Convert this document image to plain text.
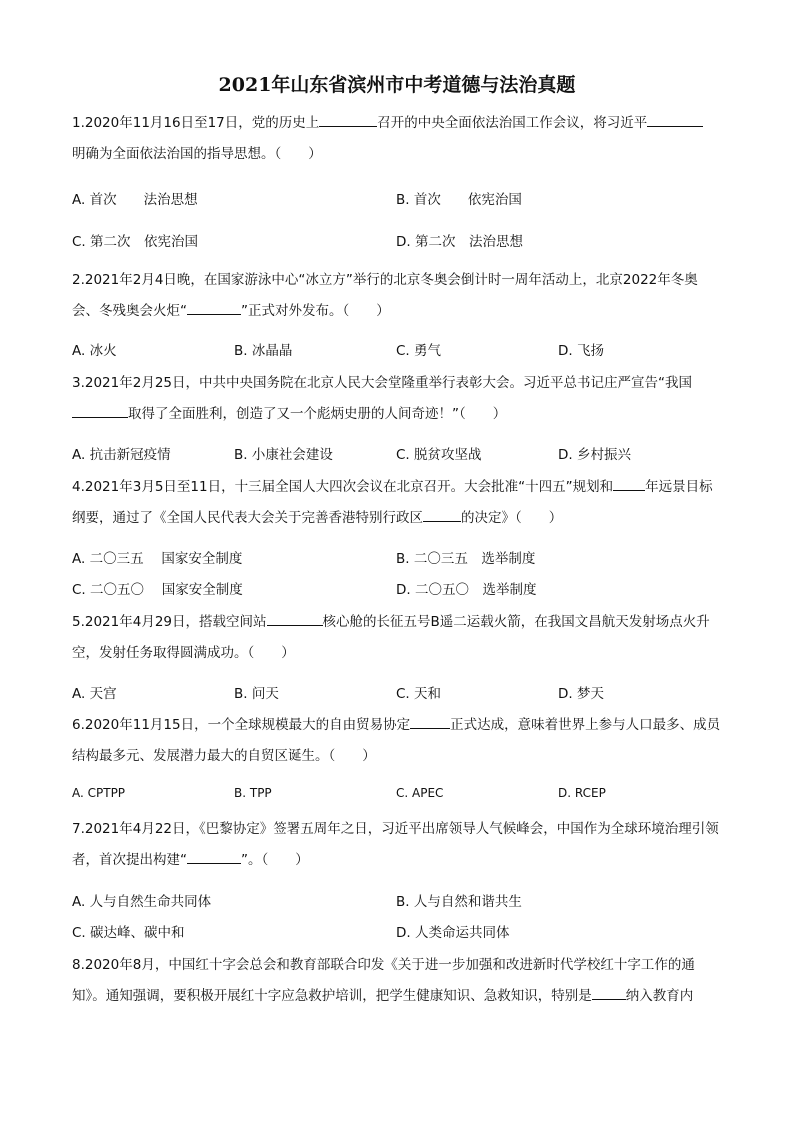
2021年山东省滨州市中考道德与法治真题

1.2020年11月16日至17日，党的历史上	召开的中央全面依法治国工作会议，将习近平

明确为全面依法治国的指导思想。（　　）

A. 首次　　法治思想	B. 首次　　依宪治国
C. 第二次　依宪治国	D. 第二次　法治思想

2.2021年2月4日晚，在国家游泳中心“冰立方”举行的北京冬奥会倒计时一周年活动上，北京2022年冬奥会、冬残奥会火炬“	”正式对外发布。（　　）

A. 冰火	B. 冰晶晶	C. 勇气	D. 飞扬

3.2021年2月25日，中共中央国务院在北京人民大会堂隆重举行表彰大会。习近平总书记庄严宣告“我国

取得了全面胜利，创造了又一个彪炳史册的人间奇迹！”（　　）

A. 抗击新冠疫情	B. 小康社会建设	C. 脱贫攻坚战	D. 乡村振兴

4.2021年3月5日至11日，十三届全国人大四次会议在北京召开。大会批准“十四五”规划和 年远景目标纲要，通过了《全国人民代表大会关于完善香港特别行政区	的决定》（　　）

A. 二〇三五　 国家安全制度	B. 二〇三五　选举制度
C. 二〇五〇　 国家安全制度	D. 二〇五〇　选举制度

5.2021年4月29日，搭载空间站	核心舱的长征五号B遥二运载火箭，在我国文昌航天发射场点火升空，发射任务取得圆满成功。（　　）

A. 天宫	B. 问天	C. 天和	D. 梦天

6.2020年11月15日，一个全球规模最大的自由贸易协定	正式达成，意味着世界上参与人口最多、成员结构最多元、发展潜力最大的自贸区诞生。（　　）

A. CPTPP	B. TPP	C. APEC	D. RCEP

7.2021年4月22日，《巴黎协定》签署五周年之日，习近平出席领导人气候峰会，中国作为全球环境治理引领者，首次提出构建“	”。（　　）

A. 人与自然生命共同体	B. 人与自然和谐共生
C. 碳达峰、碳中和	D. 人类命运共同体

8.2020年8月，中国红十字会总会和教育部联合印发《关于进一步加强和改进新时代学校红十字工作的通知》。通知强调，要积极开展红十字应急救护培训，把学生健康知识、急救知识，特别是	纳入教育内
